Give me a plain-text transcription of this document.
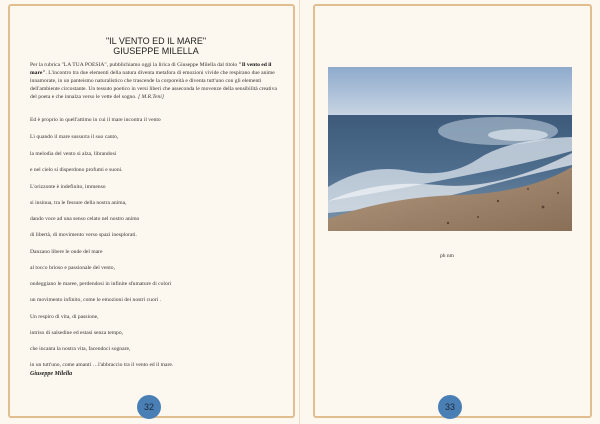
"IL VENTO ED IL MARE"
GIUSEPPE MILELLA
Per la rubrica "LA TUA POESIA", pubblichiamo oggi la lirica di Giuseppe Milella dal titolo "Il vento ed il mare". L'incontro tra due elementi della natura diventa metafora di emozioni vivide che respirano due anime innamorate, in un panteismo naturalistico che trascende la corporeità e diventa tutt'uno con gli elementi dell'ambiente circostante. Un tessuto poetico in versi liberi che asseconda le movenze della sensibilità creativa del poeta e che innalza verso le vette del sogno. [ M.R.Teni]
Ed è proprio in quell'attimo in cui il mare incontra il vento
Lì quando il mare sussurra il suo canto,
la melodia del vento si alza, librandosi
e nel cielo si disperdono profumi e suoni.
L'orizzonte è indefinito, immenso
si insinua, tra le fessure della nostra anima,
dando voce ad una senso celato nel nostro animo
di libertà, di movimento verso spazi inesplorati.
Danzano libere le onde del mare
al tocco brioso e passionale del vento,
ondeggiano le maree, perdendosi in infinite sfumature di colori
un movimento infinito, come le emozioni dei nostri cuori .
Un respiro di vita, di passione,
intriso di salsedine ed estasi senza tempo,
che incanta la nostra vita, facendoci sognare,
in un tutt'uno, come amanti …l'abbraccio tra il vento ed il mare.
Giuseppe Milella
32
ph nm
33
